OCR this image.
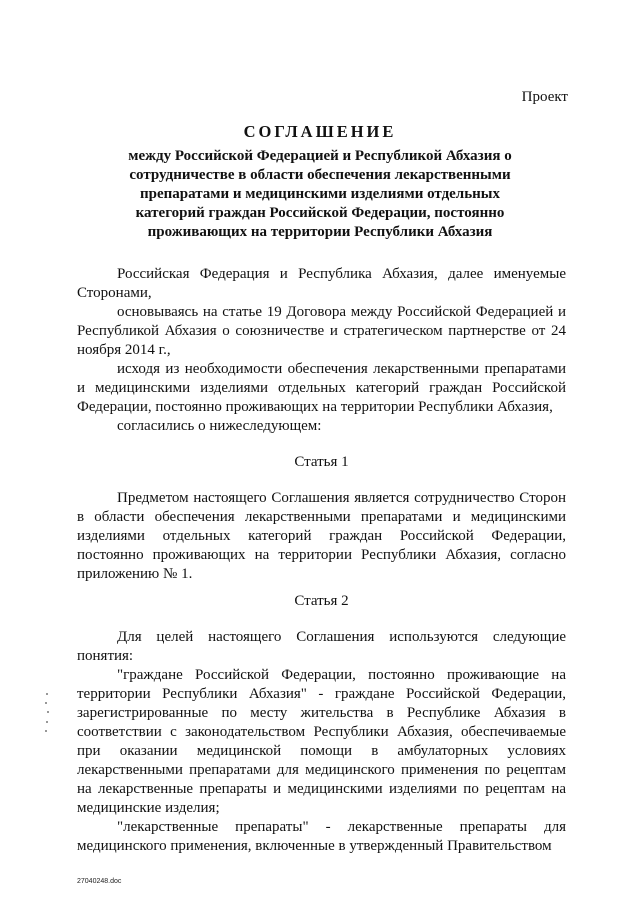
Проект
СОГЛАШЕНИЕ
между Российской Федерацией и Республикой Абхазия о сотрудничестве в области обеспечения лекарственными препаратами и медицинскими изделиями отдельных категорий граждан Российской Федерации, постоянно проживающих на территории Республики Абхазия

Российская Федерация и Республика Абхазия, далее именуемые Сторонами,

основываясь на статье 19 Договора между Российской Федерацией и Республикой Абхазия о союзничестве и стратегическом партнерстве от 24 ноября 2014 г.,

исходя из необходимости обеспечения лекарственными препаратами и медицинскими изделиями отдельных категорий граждан Российской Федерации, постоянно проживающих на территории Республики Абхазия,

согласились о нижеследующем:

Статья 1

Предметом настоящего Соглашения является сотрудничество Сторон в области обеспечения лекарственными препаратами и медицинскими изделиями отдельных категорий граждан Российской Федерации, постоянно проживающих на территории Республики Абхазия, согласно приложению № 1.

Статья 2

Для целей настоящего Соглашения используются следующие понятия:

"граждане Российской Федерации, постоянно проживающие на территории Республики Абхазия" - граждане Российской Федерации, зарегистрированные по месту жительства в Республике Абхазия в соответствии с законодательством Республики Абхазия, обеспечиваемые при оказании медицинской помощи в амбулаторных условиях лекарственными препаратами для медицинского применения по рецептам на лекарственные препараты и медицинскими изделиями по рецептам на медицинские изделия;

"лекарственные препараты" - лекарственные препараты для медицинского применения, включенные в утвержденный Правительством

27040248.doc
